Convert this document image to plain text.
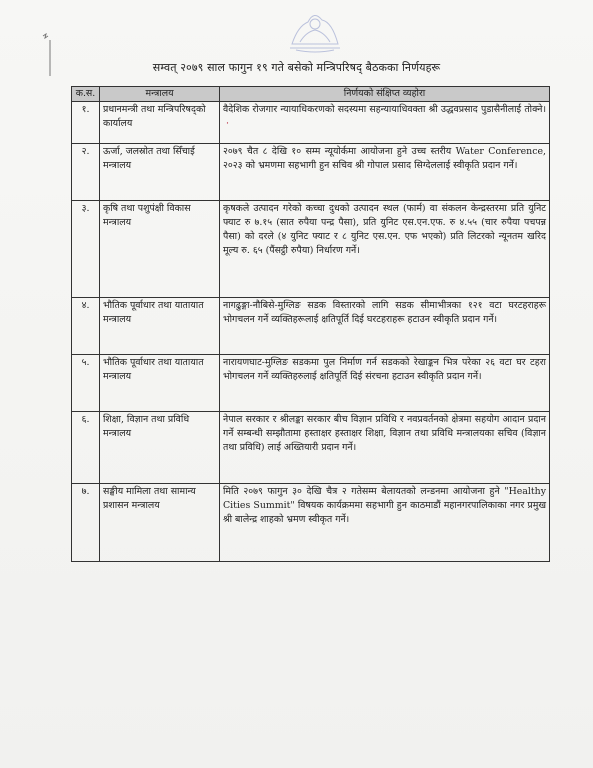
सम्वत् २०७९ साल फागुन १९ गते बसेको मन्त्रिपरिषद् बैठकका निर्णयहरू
क.स.	मन्त्रालय	निर्णयको संक्षिप्त व्यहोरा
१.	प्रधानमन्त्री तथा मन्त्रिपरिषद्को कार्यालय	वैदेशिक रोजगार न्यायाधिकरणको सदस्यमा सहन्यायाधिवक्ता श्री उद्धवप्रसाद पुडासैनीलाई तोक्ने।·
२.	ऊर्जा, जलस्रोत तथा सिँचाई मन्त्रालय	२०७९ चैत ८ देखि १० सम्म न्यूयोर्कमा आयोजना हुने उच्च स्तरीय Water Conference, २०२३ को भ्रमणमा सहभागी हुन सचिव श्री गोपाल प्रसाद सिग्देललाई स्वीकृति प्रदान गर्ने।
३.	कृषि तथा पशुपंक्षी विकास मन्त्रालय	कृषकले उत्पादन गरेको कच्चा दुधको उत्पादन स्थल (फार्म) वा संकलन केन्द्रस्तरमा प्रति युनिट फ्याट रु ७.१५ (सात रुपैया पन्द्र पैसा), प्रति युनिट एस.एन.एफ. रु ४.५५ (चार रुपैया पचपन्न पैसा) को दरले (४ युनिट फ्याट र ८ युनिट एस.एन. एफ भएको) प्रति लिटरको न्यूनतम खरिद मूल्य रु. ६५ (पैंसट्ठी रुपैया) निर्धारण गर्ने।
४.	भौतिक पूर्वाधार तथा यातायात मन्त्रालय	नागढुङ्गा-नौबिसे-मुग्लिङ सडक विस्तारको लागि सडक सीमाभीत्रका १२१ वटा घरटहराहरू भोगचलन गर्ने व्यक्तिहरूलाई क्षतिपूर्ति दिई घरटहराहरू हटाउन स्वीकृति प्रदान गर्ने।
५.	भौतिक पूर्वाधार तथा यातायात मन्त्रालय	नारायणघाट-मुग्लिङ सडकमा पुल निर्माण गर्न सडकको रेखाङ्कन भित्र परेका २६ वटा घर टहरा भोगचलन गर्ने व्यक्तिहरुलाई क्षतिपूर्ति दिई संरचना हटाउन स्वीकृति प्रदान गर्ने।
६.	शिक्षा, विज्ञान तथा प्रविधि मन्त्रालय	नेपाल सरकार र श्रीलङ्का सरकार बीच विज्ञान प्रविधि र नवप्रवर्तनको क्षेत्रमा सहयोग आदान प्रदान गर्ने सम्बन्धी सम्झौतामा हस्ताक्षर हस्ताक्षर शिक्षा, विज्ञान तथा प्रविधि मन्त्रालयका सचिव (विज्ञान तथा प्रविधि) लाई अख्तियारी प्रदान गर्ने।
७.	सङ्घीय मामिला तथा सामान्य प्रशासन मन्त्रालय	मिति २०७९ फागुन ३० देखि चैत्र २ गतेसम्म बेलायतको लन्डनमा आयोजना हुने "Healthy Cities Summit" विषयक कार्यक्रममा सहभागी हुन काठमाडौं महानगरपालिकाका नगर प्रमुख श्री बालेन्द्र शाहको भ्रमण स्वीकृत गर्ने।
